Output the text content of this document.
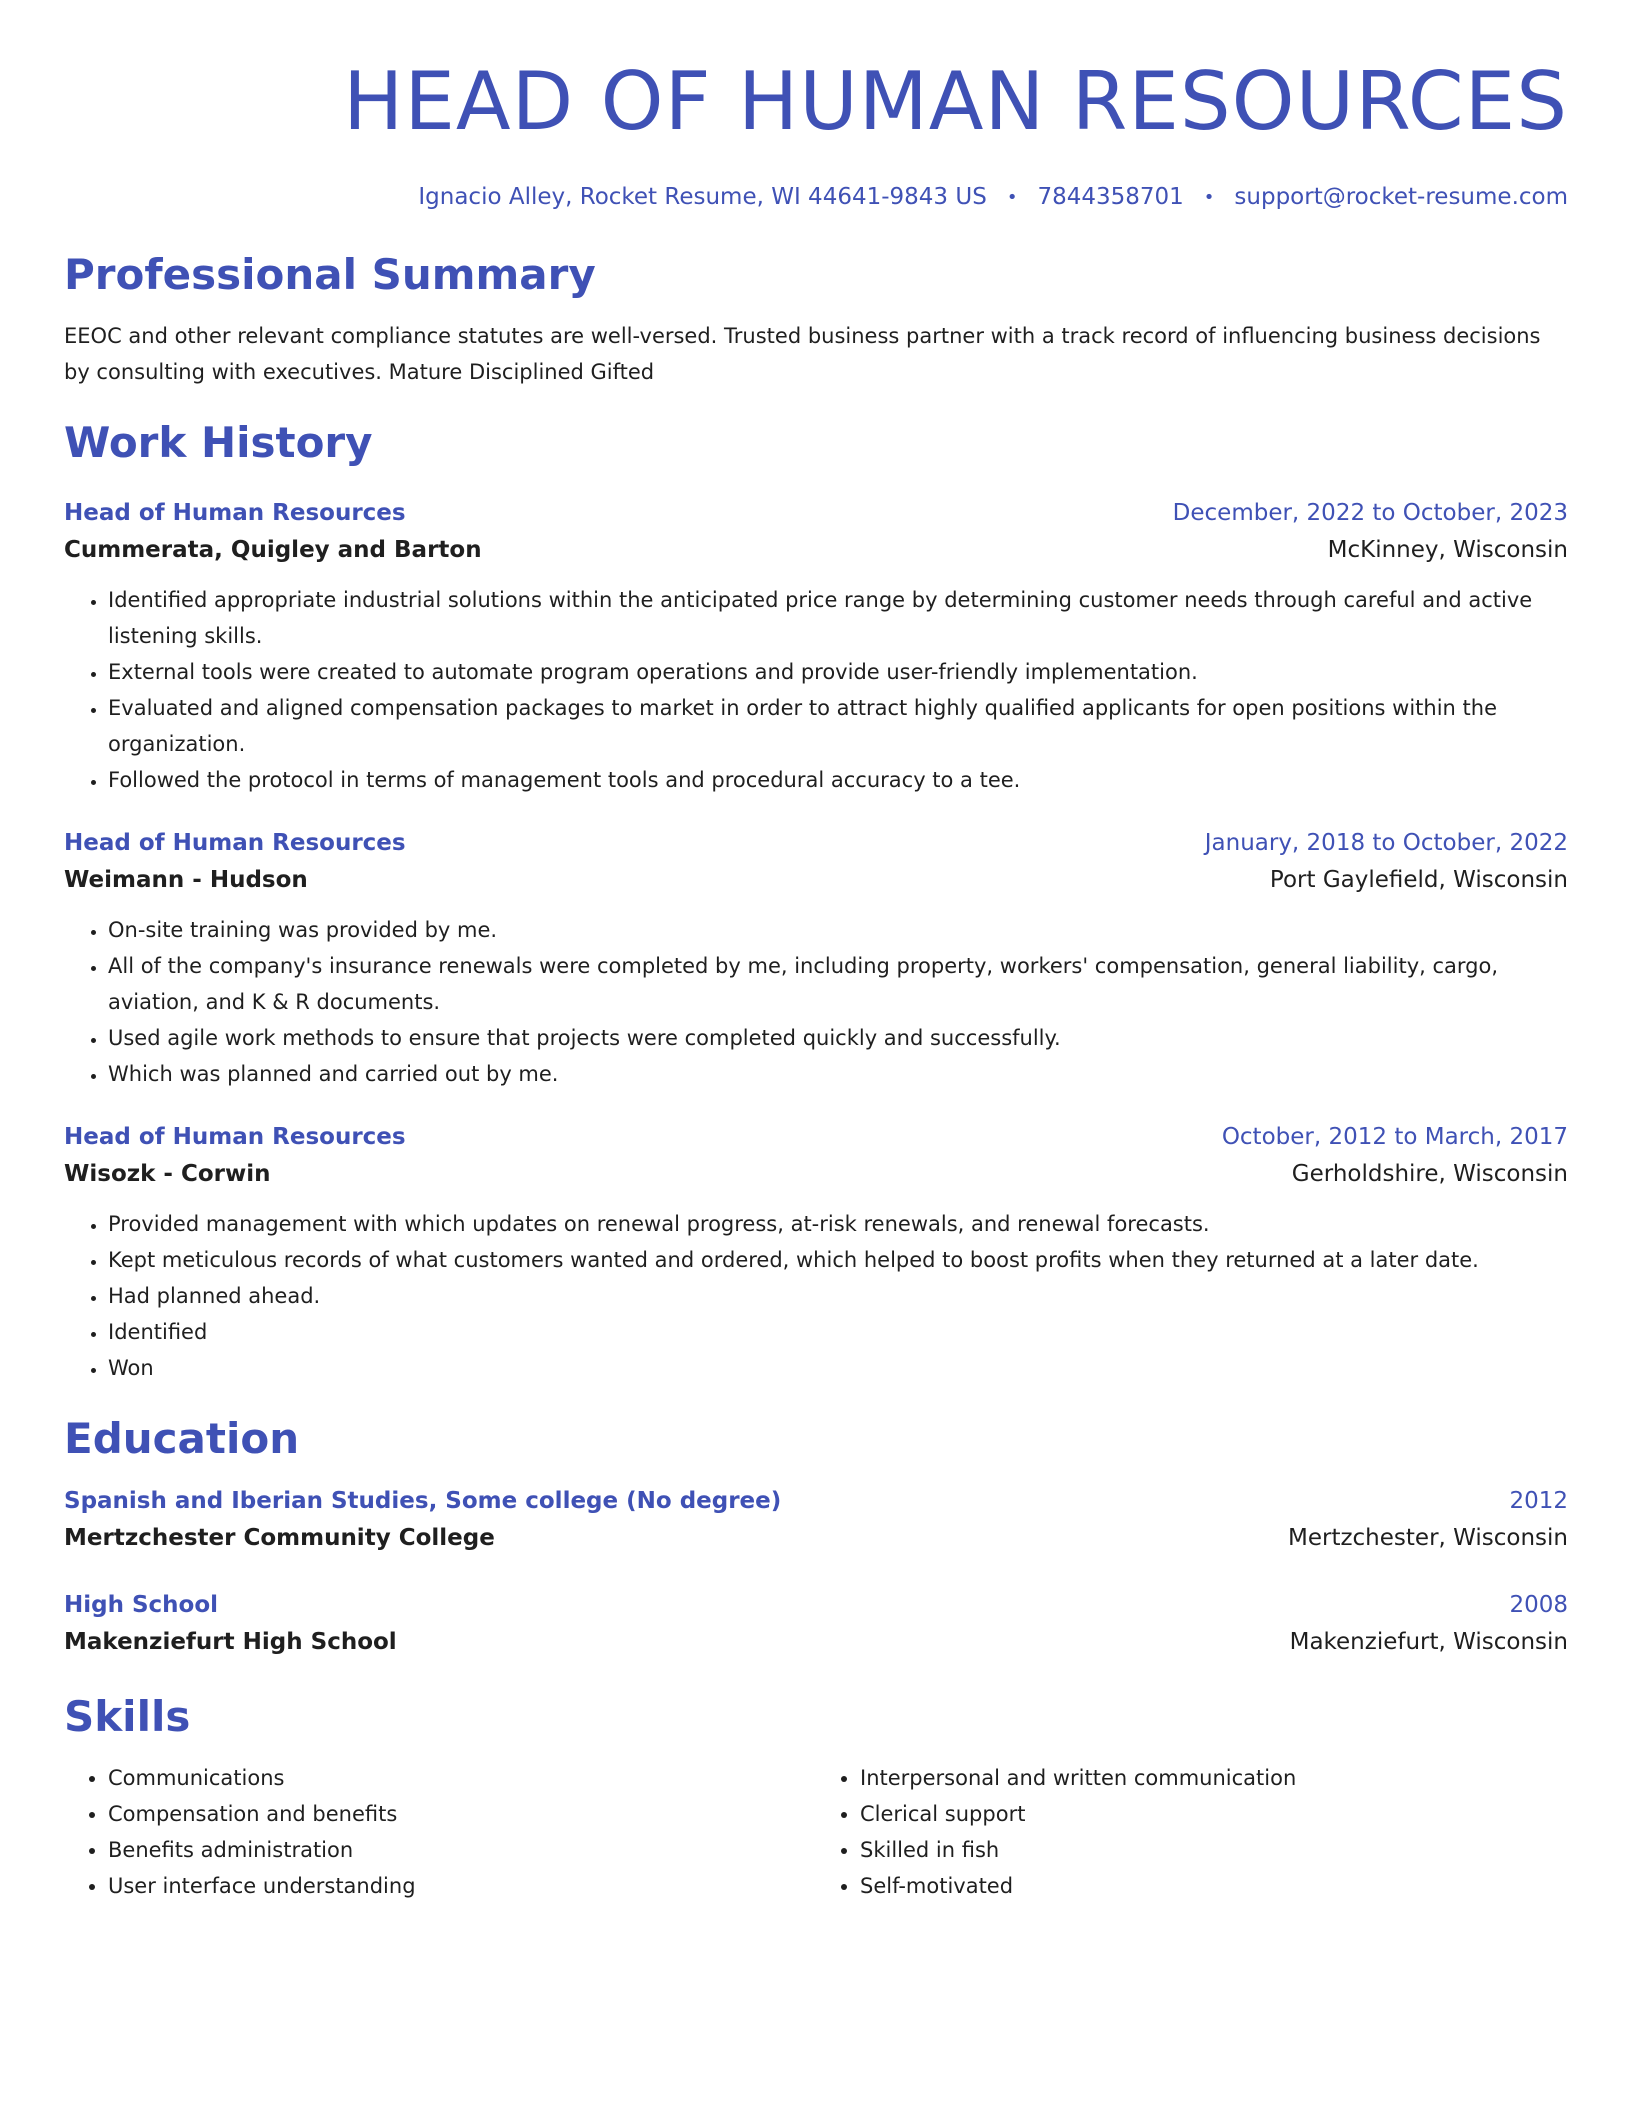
HEAD OF HUMAN RESOURCES
Ignacio Alley, Rocket Resume, WI 44641-9843 US • 7844358701 • support@rocket-resume.com
Professional Summary

EEOC and other relevant compliance statutes are well-versed. Trusted business partner with a track record of influencing business decisions by consulting with executives. Mature Disciplined Gifted

Work History
Head of Human Resources	December, 2022 to October, 2023
Cummerata, Quigley and Barton	McKinney, Wisconsin
• Identified appropriate industrial solutions within the anticipated price range by determining customer needs through careful and active listening skills.
• External tools were created to automate program operations and provide user-friendly implementation.
• Evaluated and aligned compensation packages to market in order to attract highly qualified applicants for open positions within the organization.
• Followed the protocol in terms of management tools and procedural accuracy to a tee.
Head of Human Resources	January, 2018 to October, 2022
Weimann - Hudson	Port Gaylefield, Wisconsin
• On-site training was provided by me.
• All of the company's insurance renewals were completed by me, including property, workers' compensation, general liability, cargo, aviation, and K & R documents.
• Used agile work methods to ensure that projects were completed quickly and successfully.
• Which was planned and carried out by me.
Head of Human Resources	October, 2012 to March, 2017
Wisozk - Corwin	Gerholdshire, Wisconsin
• Provided management with which updates on renewal progress, at-risk renewals, and renewal forecasts.
• Kept meticulous records of what customers wanted and ordered, which helped to boost profits when they returned at a later date.
• Had planned ahead.
• Identified
• Won
Education
Spanish and Iberian Studies, Some college (No degree)	2012
Mertzchester Community College	Mertzchester, Wisconsin
High School	2008
Makenziefurt High School	Makenziefurt, Wisconsin
Skills
• Communications
• Compensation and benefits
• Benefits administration
• User interface understanding
• Interpersonal and written communication
• Clerical support
• Skilled in fish
• Self-motivated
